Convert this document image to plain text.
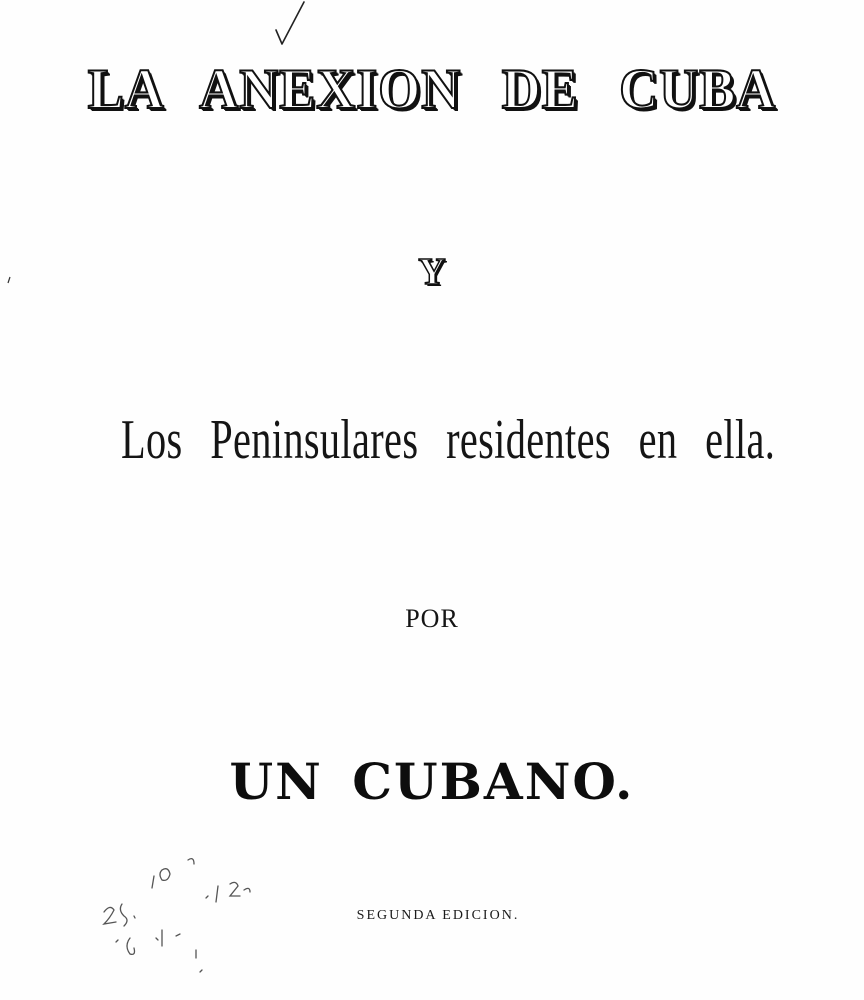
LA ANEXION DE CUBA
Y
Los Peninsulares residentes en ella.
POR
UN CUBANO.
SEGUNDA EDICION.
